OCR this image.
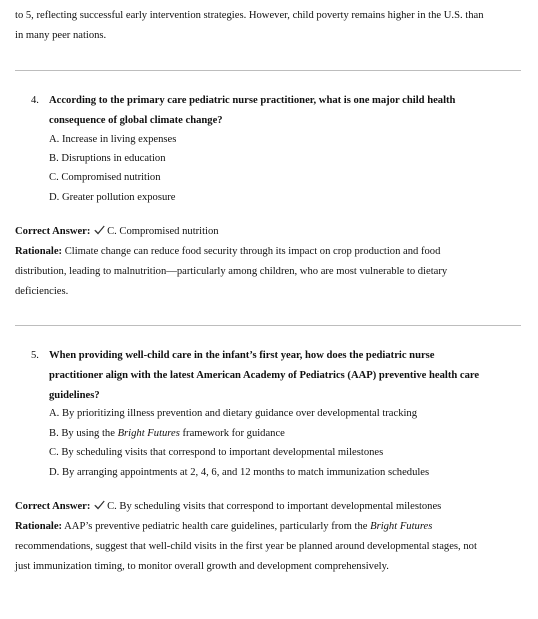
to 5, reflecting successful early intervention strategies. However, child poverty remains higher in the U.S. than
in many peer nations.

4. According to the primary care pediatric nurse practitioner, what is one major child health
consequence of global climate change?

A. Increase in living expenses
B. Disruptions in education
C. Compromised nutrition
D. Greater pollution exposure

Correct Answer: C. Compromised nutrition
Rationale: Climate change can reduce food security through its impact on crop production and food
distribution, leading to malnutrition—particularly among children, who are most vulnerable to dietary
deficiencies.

5. When providing well-child care in the infant’s first year, how does the pediatric nurse
practitioner align with the latest American Academy of Pediatrics (AAP) preventive health care
guidelines?

A. By prioritizing illness prevention and dietary guidance over developmental tracking
B. By using the Bright Futures framework for guidance
C. By scheduling visits that correspond to important developmental milestones
D. By arranging appointments at 2, 4, 6, and 12 months to match immunization schedules

Correct Answer: C. By scheduling visits that correspond to important developmental milestones
Rationale: AAP’s preventive pediatric health care guidelines, particularly from the Bright Futures
recommendations, suggest that well-child visits in the first year be planned around developmental stages, not
just immunization timing, to monitor overall growth and development comprehensively.
